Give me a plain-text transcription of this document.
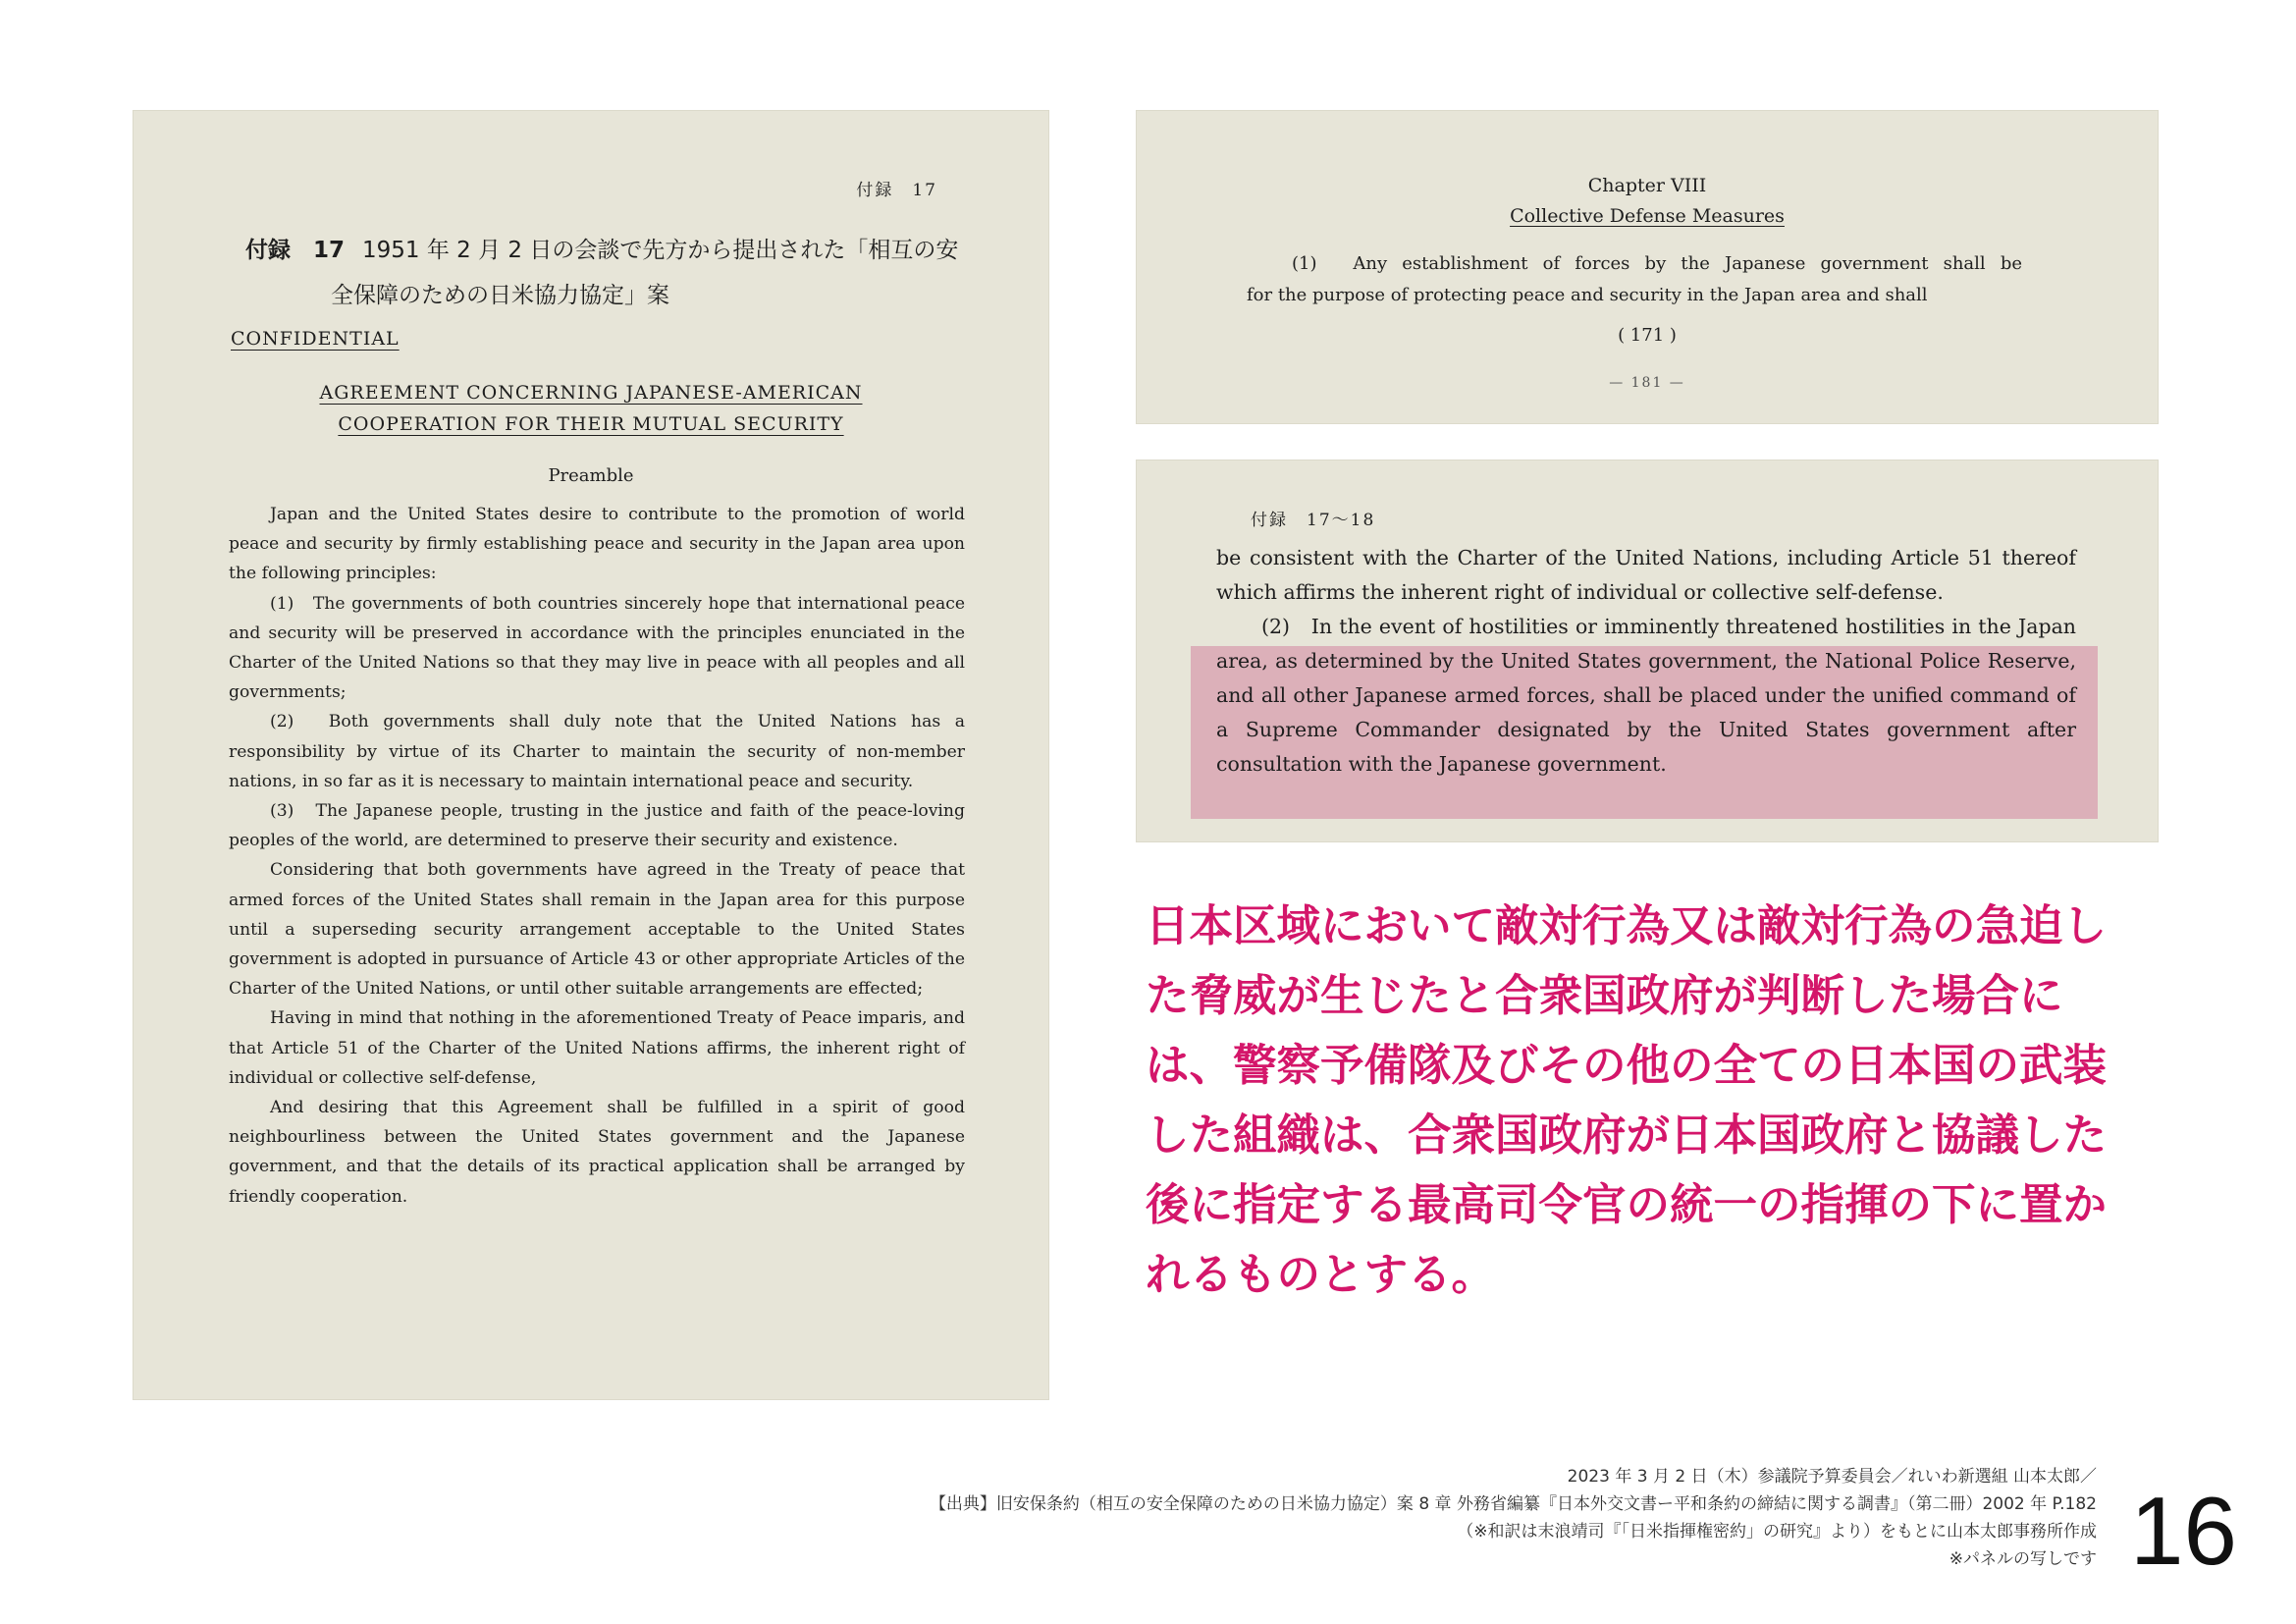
付録　17
付録　17 1951 年 2 月 2 日の会談で先方から提出された「相互の安
全保障のための日米協力協定」案
CONFIDENTIAL
AGREEMENT CONCERNING JAPANESE-AMERICAN
COOPERATION FOR THEIR MUTUAL SECURITY
Preamble

Japan and the United States desire to contribute to the promotion of world peace and security by firmly establishing peace and security in the Japan area upon the following principles:

(1)　The governments of both countries sincerely hope that international peace and security will be preserved in accordance with the principles enunciated in the Charter of the United Nations so that they may live in peace with all peoples and all governments;

(2)　Both governments shall duly note that the United Nations has a responsibility by virtue of its Charter to maintain the security of non-member nations, in so far as it is necessary to maintain international peace and security.

(3)　The Japanese people, trusting in the justice and faith of the peace-loving peoples of the world, are determined to preserve their security and existence.

Considering that both governments have agreed in the Treaty of peace that armed forces of the United States shall remain in the Japan area for this purpose until a superseding security arrangement acceptable to the United States government is adopted in pursuance of Article 43 or other appropriate Articles of the Charter of the United Nations, or until other suitable arrangements are effected;

Having in mind that nothing in the aforementioned Treaty of Peace imparis, and that Article 51 of the Charter of the United Nations affirms, the inherent right of individual or collective self-defense,

And desiring that this Agreement shall be fulfilled in a spirit of good neighbourliness between the United States government and the Japanese government, and that the details of its practical application shall be arranged by friendly cooperation.

Chapter VIII
Collective Defense Measures

(1)　Any establishment of forces by the Japanese government shall be

for the purpose of protecting peace and security in the Japan area and shall

( 171 )
— 181 —
付録　17～18

be consistent with the Charter of the United Nations, including Article 51 thereof which affirms the inherent right of individual or collective self-defense.

(2)　In the event of hostilities or imminently threatened hostilities in the Japan area, as determined by the United States government, the National Police Reserve, and all other Japanese armed forces, shall be placed under the unified command of a Supreme Commander designated by the United States government after consultation with the Japanese government.

日本区域において敵対行為又は敵対行為の急迫し
た脅威が生じたと合衆国政府が判断した場合に
は、警察予備隊及びその他の全ての日本国の武装
した組織は、合衆国政府が日本国政府と協議した
後に指定する最高司令官の統一の指揮の下に置か
れるものとする。
2023 年 3 月 2 日（木）参議院予算委員会／れいわ新選組 山本太郎／
【出典】旧安保条約（相互の安全保障のための日米協力協定）案 8 章 外務省編纂『日本外交文書ー平和条約の締結に関する調書』（第二冊）2002 年 P.182
（※和訳は末浪靖司『「日米指揮権密約」の研究』より）をもとに山本太郎事務所作成
※パネルの写しです 16
